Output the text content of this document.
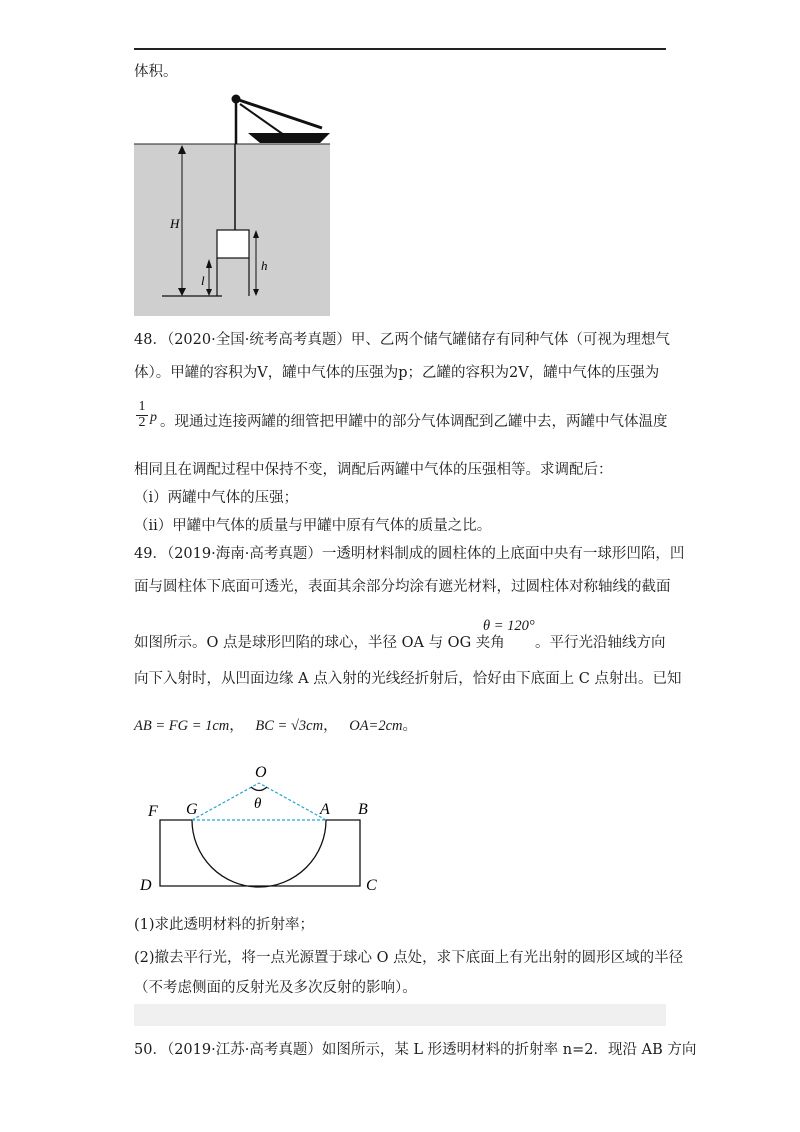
体积。
H
l
h
48．（2020·全国·统考高考真题）甲、乙两个储气罐储存有同种气体（可视为理想气
体）。甲罐的容积为V，罐中气体的压强为p；乙罐的容积为2V，罐中气体的压强为
$\frac{1}{2}$ p 。现通过连接两罐的细管把甲罐中的部分气体调配到乙罐中去，两罐中气体温度
相同且在调配过程中保持不变，调配后两罐中气体的压强相等。求调配后：
（i）两罐中气体的压强；
（ii）甲罐中气体的质量与甲罐中原有气体的质量之比。
49．（2019·海南·高考真题）一透明材料制成的圆柱体的上底面中央有一球形凹陷，凹
面与圆柱体下底面可透光，表面其余部分均涂有遮光材料，过圆柱体对称轴线的截面
如图所示。O 点是球形凹陷的球心，半径 OA 与 OG 夹角
θ = 120°
。平行光沿轴线方向
向下入射时，从凹面边缘 A 点入射的光线经折射后，恰好由下底面上 C 点射出。已知
AB = FG = 1cm， BC = √3cm， OA=2cm。
O
θ
F G	A B
D	C
(1)求此透明材料的折射率；
(2)撤去平行光，将一点光源置于球心 O 点处，求下底面上有光出射的圆形区域的半径
（不考虑侧面的反射光及多次反射的影响）。
50．（2019·江苏·高考真题）如图所示，某 L 形透明材料的折射率 n=2．现沿 AB 方向
